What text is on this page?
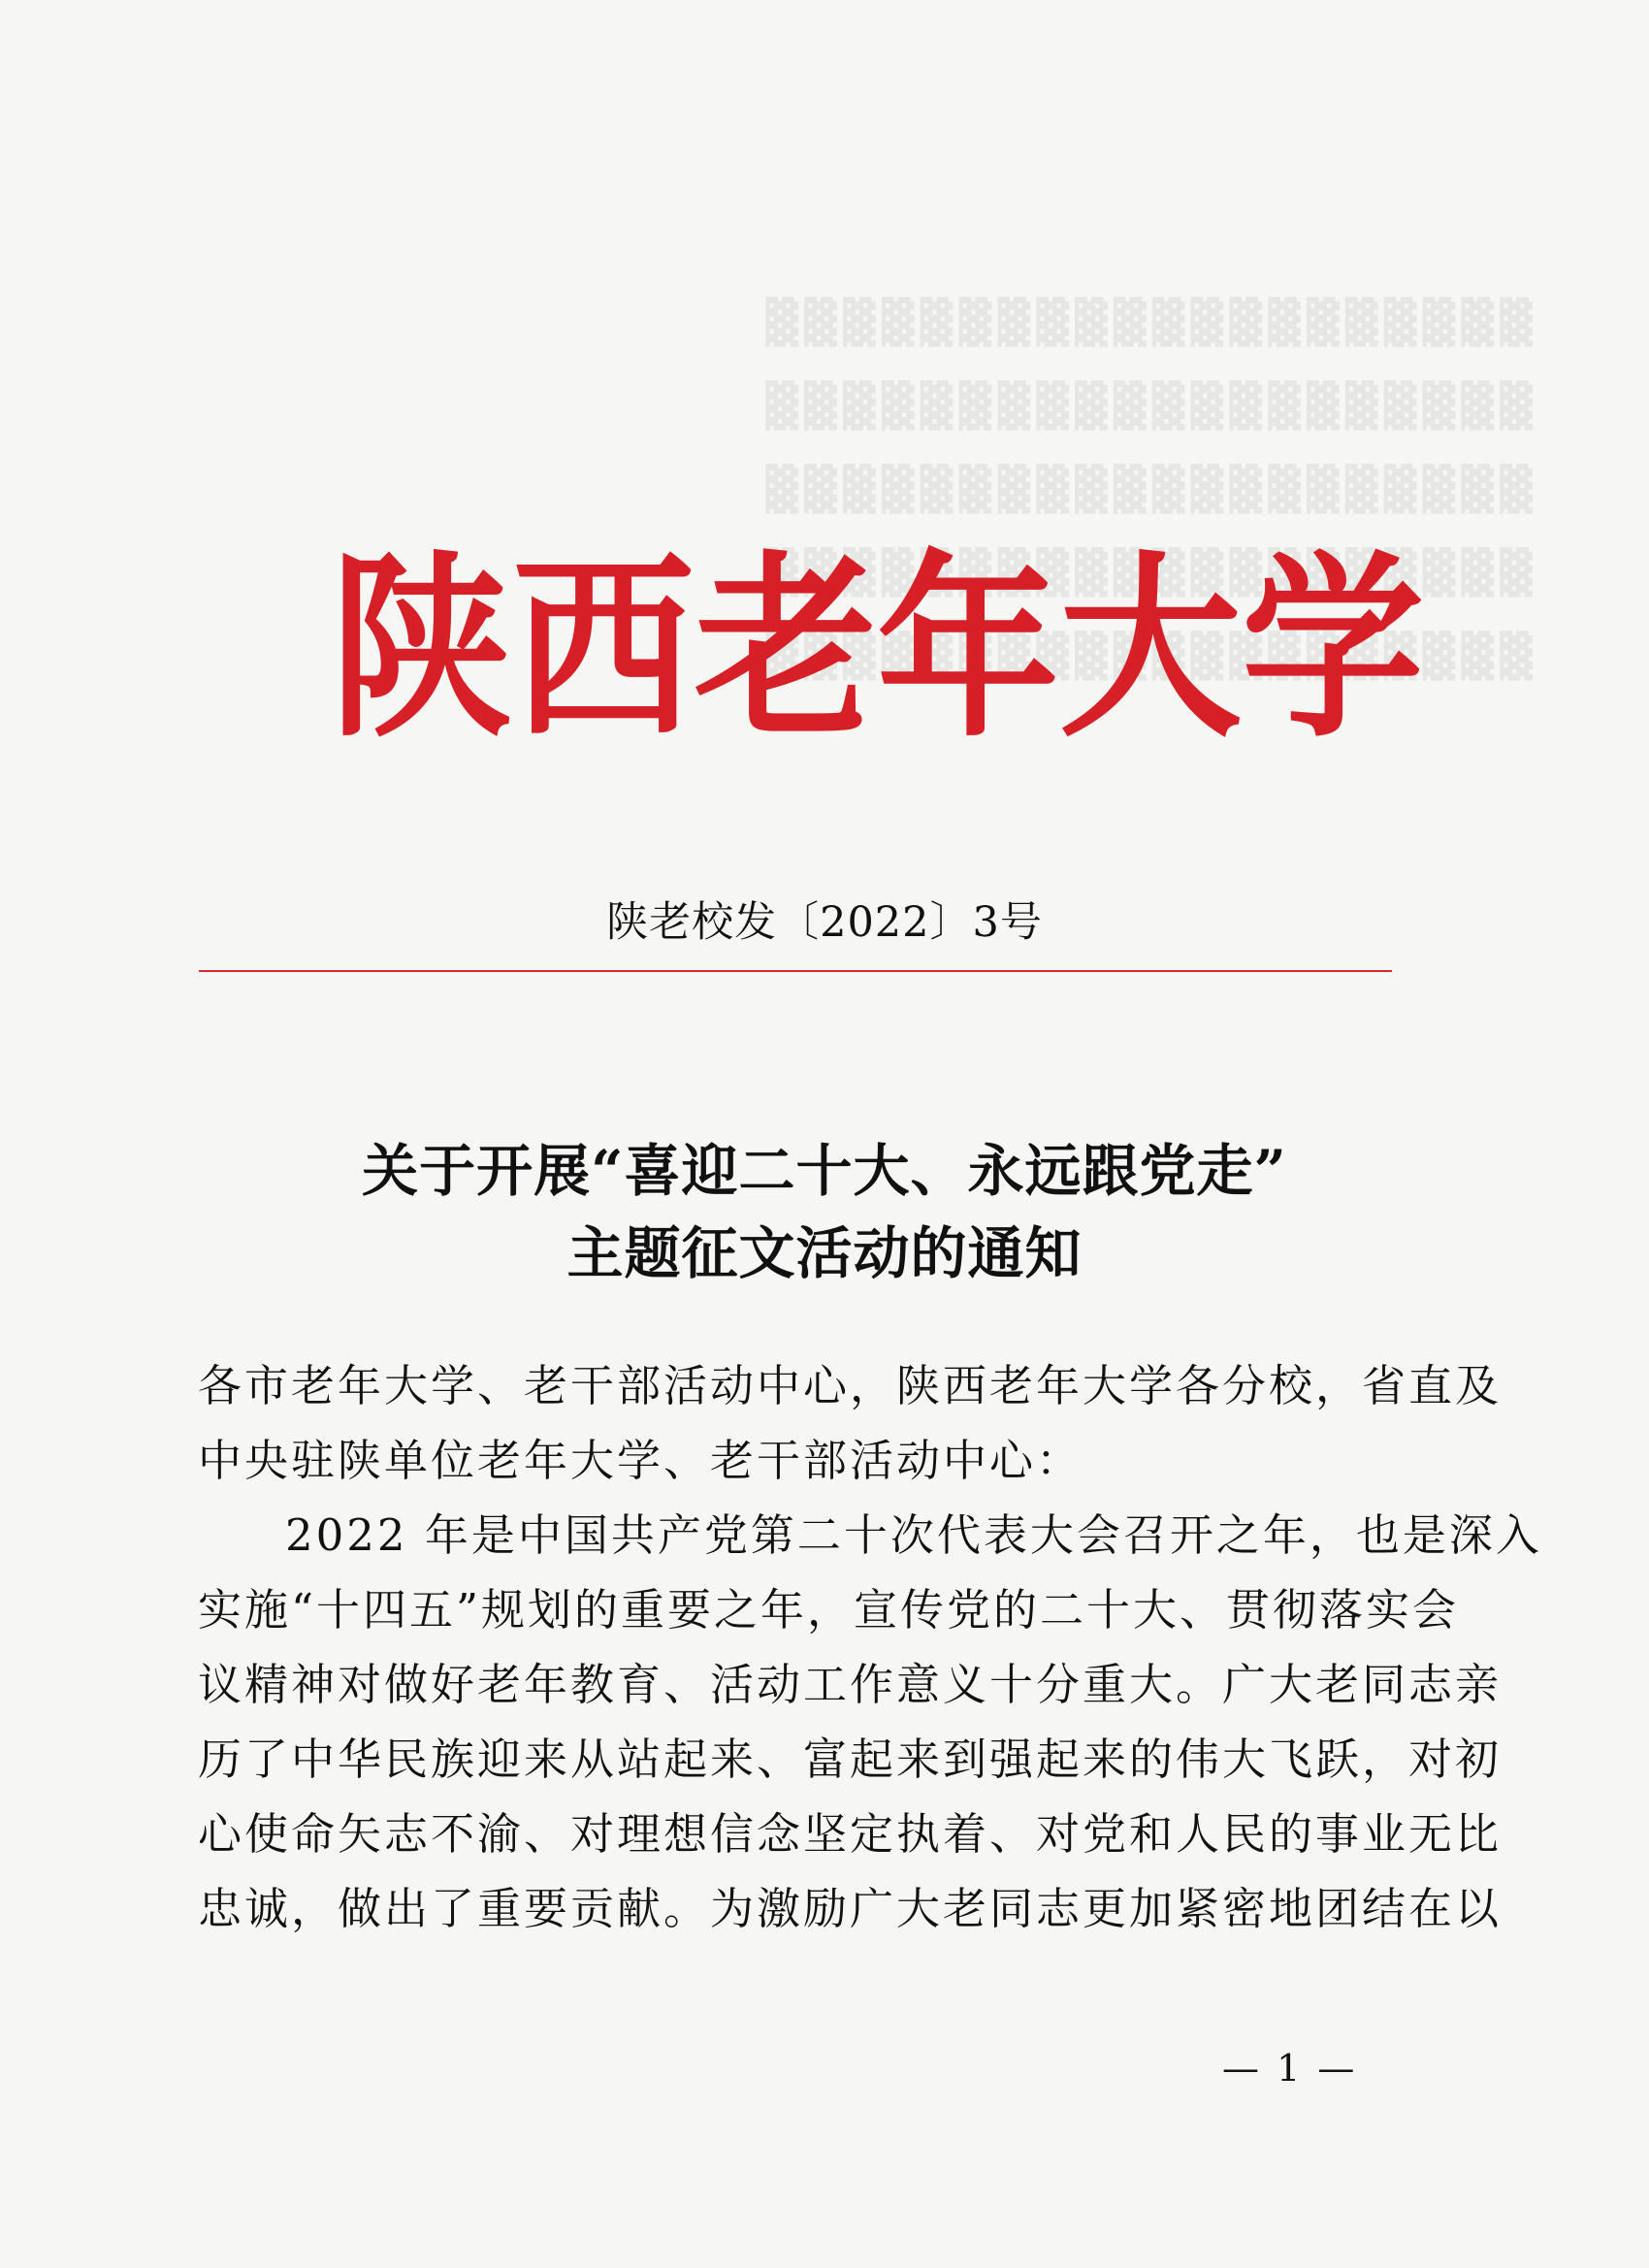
▓▓▓▓▓▓▓▓▓▓▓▓▓▓▓▓▓▓▓▓
▓▓▓▓▓▓▓▓▓▓▓▓▓▓▓▓▓▓▓▓
▓▓▓▓▓▓▓▓▓▓▓▓▓▓▓▓▓▓▓▓
▓▓▓▓▓▓▓▓▓▓▓▓▓▓▓▓▓▓▓▓
▓▓▓▓▓▓▓▓▓▓▓▓▓▓▓▓▓▓▓▓
陕 西 老 年 大 学
陕老校发〔2022〕3号
关于开展“喜迎二十大、永远跟党走”
主题征文活动的通知
各市老年大学、老干部活动中心，陕西老年大学各分校，省直及
中央驻陕单位老年大学、老干部活动中心：
2022 年是中国共产党第二十次代表大会召开之年，也是深入
实施“十四五”规划的重要之年，宣传党的二十大、贯彻落实会
议精神对做好老年教育、活动工作意义十分重大。广大老同志亲
历了中华民族迎来从站起来、富起来到强起来的伟大飞跃，对初
心使命矢志不渝、对理想信念坚定执着、对党和人民的事业无比
忠诚，做出了重要贡献。为激励广大老同志更加紧密地团结在以
— 1 —
